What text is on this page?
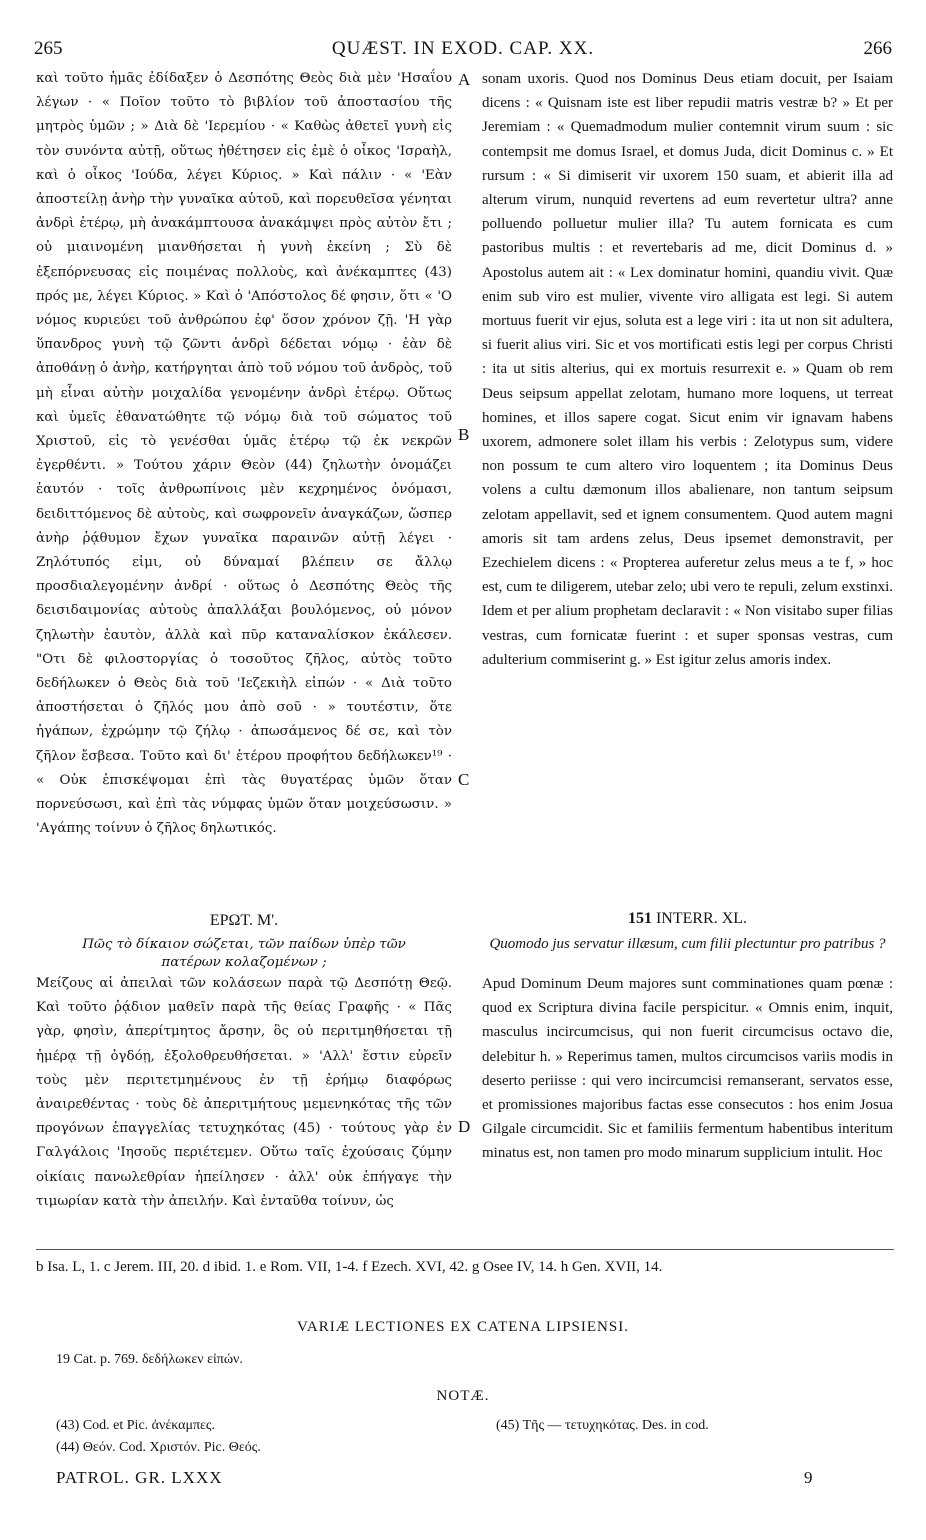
265	QUÆST. IN EXOD. CAP. XX.	266

καὶ τοῦτο ἡμᾶς ἐδίδαξεν ὁ Δεσπότης Θεὸς διὰ μὲν 'Ησαΐου λέγων · « Ποῖον τοῦτο τὸ βιβλίον τοῦ ἀποστασίου τῆς μητρὸς ὑμῶν ; » Διὰ δὲ 'Ιερεμίου · « Καθὼς ἀθετεῖ γυνὴ εἰς τὸν συνόντα αὐτῇ, οὕτως ἠθέτησεν εἰς ἐμὲ ὁ οἶκος 'Ισραὴλ, καὶ ὁ οἶκος 'Ιούδα, λέγει Κύριος. » Καὶ πάλιν · « 'Εὰν ἀποστείλῃ ἀνὴρ τὴν γυναῖκα αὑτοῦ, καὶ πορευθεῖσα γένηται ἀνδρὶ ἑτέρῳ, μὴ ἀνακάμπτουσα ἀνακάμψει πρὸς αὐτὸν ἔτι ; οὐ μιαινομένη μιανθήσεται ἡ γυνὴ ἐκείνη ; Σὺ δὲ ἐξεπόρνευσας εἰς ποιμένας πολλοὺς, καὶ ἀνέκαμπτες (43) πρός με, λέγει Κύριος. » Καὶ ὁ 'Απόστολος δέ φησιν, ὅτι « 'Ο νόμος κυριεύει τοῦ ἀνθρώπου ἐφ' ὅσον χρόνον ζῇ. 'Η γὰρ ὕπανδρος γυνὴ τῷ ζῶντι ἀνδρὶ δέδεται νόμῳ · ἐὰν δὲ ἀποθάνῃ ὁ ἀνὴρ, κατήργηται ἀπὸ τοῦ νόμου τοῦ ἀνδρὸς, τοῦ μὴ εἶναι αὐτὴν μοιχαλίδα γενομένην ἀνδρὶ ἑτέρῳ. Οὕτως καὶ ὑμεῖς ἐθανατώθητε τῷ νόμῳ διὰ τοῦ σώματος τοῦ Χριστοῦ, εἰς τὸ γενέσθαι ὑμᾶς ἑτέρῳ τῷ ἐκ νεκρῶν ἐγερθέντι. » Τούτου χάριν Θεὸν (44) ζηλωτὴν ὀνομάζει ἑαυτόν · τοῖς ἀνθρωπίνοις μὲν κεχρημένος ὀνόμασι, δειδιττόμενος δὲ αὐτοὺς, καὶ σωφρονεῖν ἀναγκάζων, ὥσπερ ἀνὴρ ῥᾴθυμον ἔχων γυναῖκα παραινῶν αὐτῇ λέγει · Ζηλότυπός εἰμι, οὐ δύναμαί βλέπειν σε ἄλλῳ προσδιαλεγομένην ἀνδρί · οὕτως ὁ Δεσπότης Θεὸς τῆς δεισιδαιμονίας αὐτοὺς ἀπαλλάξαι βουλόμενος, οὐ μόνον ζηλωτὴν ἑαυτὸν, ἀλλὰ καὶ πῦρ καταναλίσκον ἐκάλεσεν. "Οτι δὲ φιλοστοργίας ὁ τοσοῦτος ζῆλος, αὐτὸς τοῦτο δεδήλωκεν ὁ Θεὸς διὰ τοῦ 'Ιεζεκιὴλ εἰπών · « Διὰ τοῦτο ἀποστήσεται ὁ ζῆλός μου ἀπὸ σοῦ · » τουτέστιν, ὅτε ἠγάπων, ἐχρώμην τῷ ζήλῳ · ἀπωσάμενος δέ σε, καὶ τὸν ζῆλον ἔσβεσα. Τοῦτο καὶ δι' ἑτέρου προφήτου δεδήλωκεν¹⁹ · « Οὐκ ἐπισκέψομαι ἐπὶ τὰς θυγατέρας ὑμῶν ὅταν πορνεύσωσι, καὶ ἐπὶ τὰς νύμφας ὑμῶν ὅταν μοιχεύσωσιν. » 'Αγάπης τοίνυν ὁ ζῆλος δηλωτικός.

sonam uxoris. Quod nos Dominus Deus etiam docuit, per Isaiam dicens : « Quisnam iste est liber repudii matris vestræ b? » Et per Jeremiam : « Quemadmodum mulier contemnit virum suum : sic contempsit me domus Israel, et domus Juda, dicit Dominus c. » Et rursum : « Si dimiserit vir uxorem 150 suam, et abierit illa ad alterum virum, nunquid revertens ad eum revertetur ultra? anne polluendo polluetur mulier illa? Tu autem fornicata es cum pastoribus multis : et revertebaris ad me, dicit Dominus d. » Apostolus autem ait : « Lex dominatur homini, quandiu vivit. Quæ enim sub viro est mulier, vivente viro alligata est legi. Si autem mortuus fuerit vir ejus, soluta est a lege viri : ita ut non sit adultera, si fuerit alius viri. Sic et vos mortificati estis legi per corpus Christi : ita ut sitis alterius, qui ex mortuis resurrexit e. » Quam ob rem Deus seipsum appellat zelotam, humano more loquens, ut terreat homines, et illos sapere cogat. Sicut enim vir ignavam habens uxorem, admonere solet illam his verbis : Zelotypus sum, videre non possum te cum altero viro loquentem ; ita Dominus Deus volens a cultu dæmonum illos abalienare, non tantum seipsum zelotam appellavit, sed et ignem consumentem. Quod autem magni amoris sit tam ardens zelus, Deus ipsemet demonstravit, per Ezechielem dicens : « Propterea auferetur zelus meus a te f, » hoc est, cum te diligerem, utebar zelo; ubi vero te repuli, zelum exstinxi. Idem et per alium prophetam declaravit : « Non visitabo super filias vestras, cum fornicatæ fuerint : et super sponsas vestras, cum adulterium commiserint g. » Est igitur zelus amoris index.

A
B
C
D
ΕΡΩΤ. Μ'.	151 INTERR. XL.
Πῶς τὸ δίκαιον σώζεται, τῶν παίδων ὑπὲρ τῶν πατέρων κολαζομένων ;
Quomodo jus servatur illæsum, cum filii plectuntur pro patribus ?

Μείζους αἱ ἀπειλαὶ τῶν κολάσεων παρὰ τῷ Δεσπότῃ Θεῷ. Καὶ τοῦτο ῥᾴδιον μαθεῖν παρὰ τῆς θείας Γραφῆς · « Πᾶς γὰρ, φησὶν, ἀπερίτμητος ἄρσην, ὃς οὐ περιτμηθήσεται τῇ ἡμέρᾳ τῇ ὀγδόῃ, ἐξολοθρευθήσεται. » 'Αλλ' ἔστιν εὑρεῖν τοὺς μὲν περιτετμημένους ἐν τῇ ἐρήμῳ διαφόρως ἀναιρεθέντας · τοὺς δὲ ἀπεριτμήτους μεμενηκότας τῆς τῶν προγόνων ἐπαγγελίας τετυχηκότας (45) · τούτους γὰρ ἐν Γαλγάλοις 'Ιησοῦς περιέτεμεν. Οὕτω ταῖς ἐχούσαις ζύμην οἰκίαις πανωλεθρίαν ἠπείλησεν · ἀλλ' οὐκ ἐπήγαγε τὴν τιμωρίαν κατὰ τὴν ἀπειλήν. Καὶ ἐνταῦθα τοίνυν, ὡς

Apud Dominum Deum majores sunt comminationes quam pœnæ : quod ex Scriptura divina facile perspicitur. « Omnis enim, inquit, masculus incircumcisus, qui non fuerit circumcisus octavo die, delebitur h. » Reperimus tamen, multos circumcisos variis modis in deserto periisse : qui vero incircumcisi remanserant, servatos esse, et promissiones majoribus factas esse consecutos : hos enim Josua Gilgale circumcidit. Sic et familiis fermentum habentibus interitum minatus est, non tamen pro modo minarum supplicium intulit. Hoc

b Isa. L, 1. c Jerem. III, 20. d ibid. 1. e Rom. VII, 1-4. f Ezech. XVI, 42. g Osee IV, 14. h Gen. XVII, 14.
VARIÆ LECTIONES EX CATENA LIPSIENSI.
19 Cat. p. 769. δεδήλωκεν εἰπών.
NOTÆ.
(43) Cod. et Pic. ἀνέκαμπες.
(44) Θεόν. Cod. Χριστόν. Pic. Θεός.
(45) Τῆς — τετυχηκότας. Des. in cod.
PATROL. GR. LXXX	9
